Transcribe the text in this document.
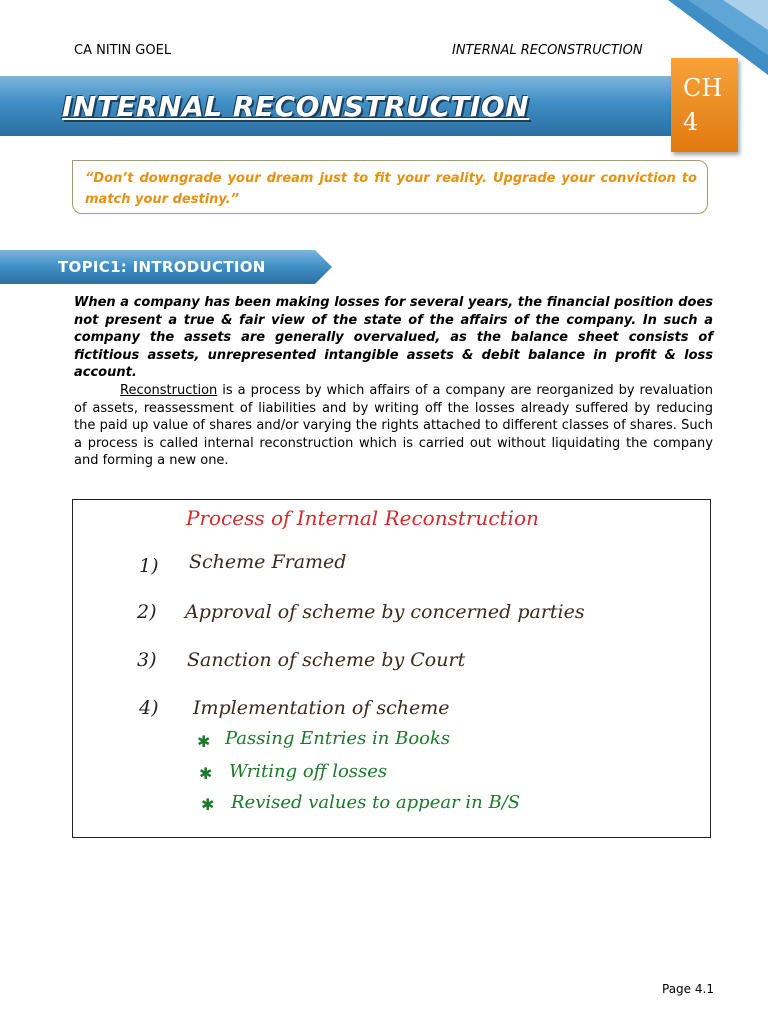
CA NITIN GOEL	INTERNAL RECONSTRUCTION
INTERNAL RECONSTRUCTION
CH
4
“Don’t downgrade your dream just to fit your reality. Upgrade your conviction to match your destiny.”
TOPIC1: INTRODUCTION

When a company has been making losses for several years, the financial position does not present a true & fair view of the state of the affairs of the company. In such a company the assets are generally overvalued, as the balance sheet consists of fictitious assets, unrepresented intangible assets & debit balance in profit & loss account.

Reconstruction is a process by which affairs of a company are reorganized by revaluation of assets, reassessment of liabilities and by writing off the losses already suffered by reducing the paid up value of shares and/or varying the rights attached to different classes of shares. Such a process is called internal reconstruction which is carried out without liquidating the company and forming a new one.

Process of Internal Reconstruction
1) Scheme Framed
2) Approval of scheme by concerned parties
3) Sanction of scheme by Court
4) Implementation of scheme
✱ Passing Entries in Books
✱ Writing off losses
✱ Revised values to appear in B/S
Page 4.1
